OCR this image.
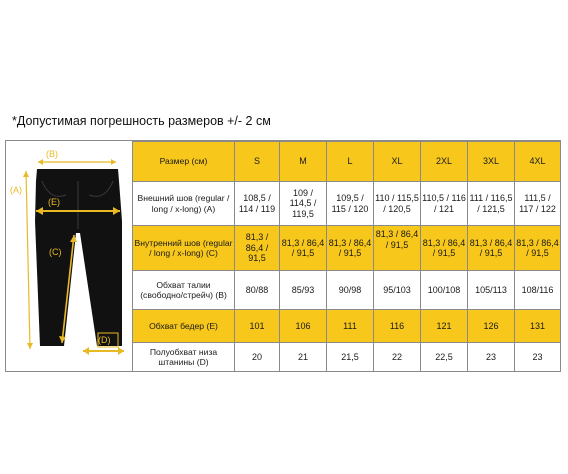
*Допустимая погрешность размеров +/- 2 см
(B)
(A)
(E)
(C)
(D)
Размер (см)	S	M	L	XL	2XL	3XL	4XL
Внешний шов (regular / long / x-long) (A)	108,5 / 114 / 119	109 / 114,5 / 119,5	109,5 / 115 / 120	110 / 115,5 / 120,5	110,5 / 116 / 121	111 / 116,5 / 121,5	111,5 / 117 / 122
Внутренний шов (regular / long / x-long) (C)	81,3 / 86,4 / 91,5	81,3 / 86,4 / 91,5	81,3 / 86,4 / 91,5	81,3 / 86,4 / 91,5	81,3 / 86,4 / 91,5	81,3 / 86,4 / 91,5	81,3 / 86,4 / 91,5
Обхват талии (свободно/стрейч) (B)	80/88	85/93	90/98	95/103	100/108	105/113	108/116
Обхват бедер (E)	101	106	111	116	121	126	131
Полуобхват низа штанины (D)	20	21	21,5	22	22,5	23	23
